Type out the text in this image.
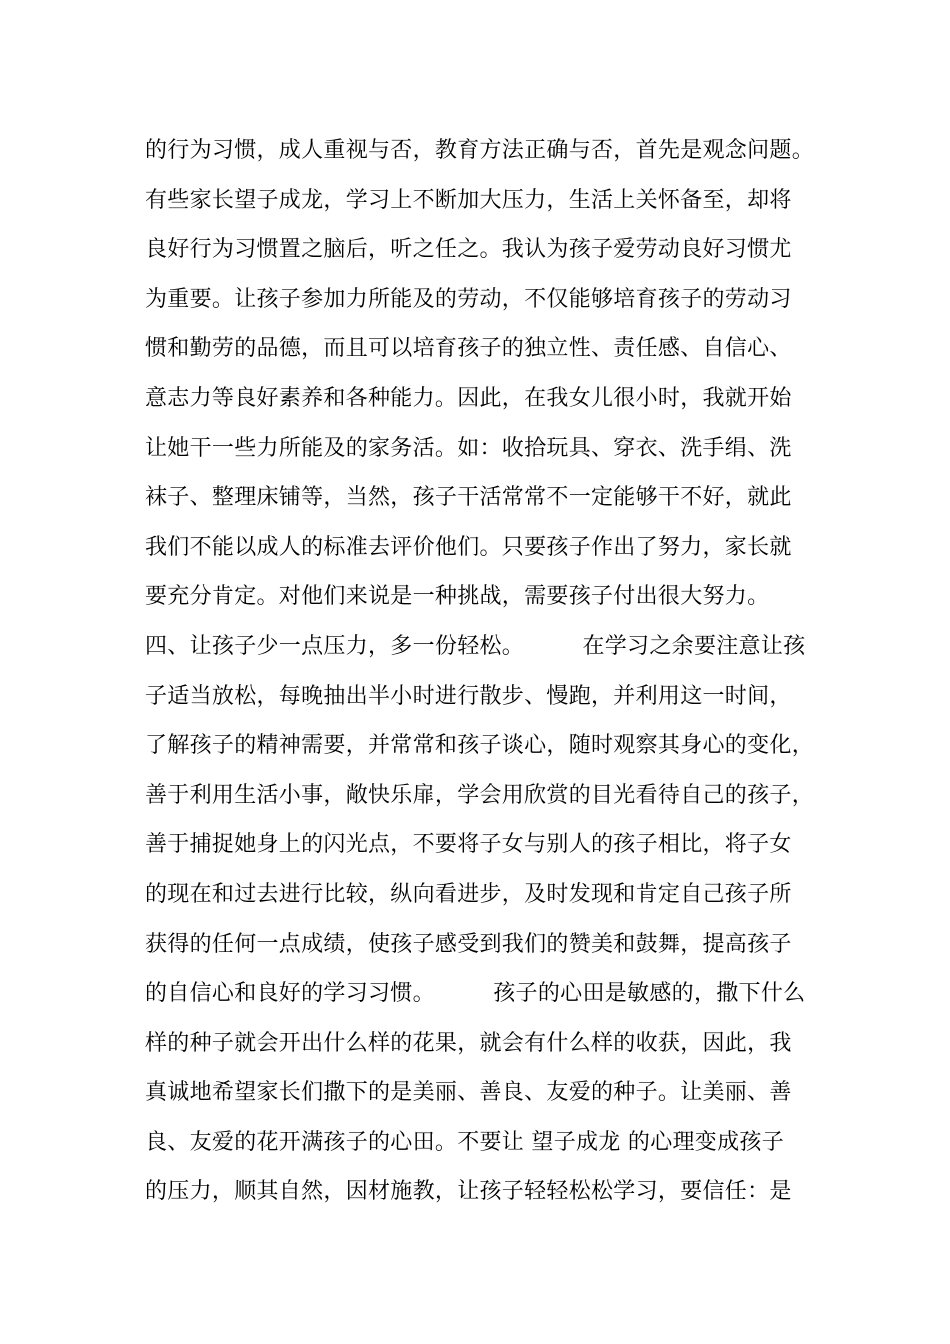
的行为习惯，成人重视与否，教育方法正确与否，首先是观念问题。
有些家长望子成龙，学习上不断加大压力，生活上关怀备至，却将
良好行为习惯置之脑后，听之任之。我认为孩子爱劳动良好习惯尤
为重要。让孩子参加力所能及的劳动，不仅能够培育孩子的劳动习
惯和勤劳的品德，而且可以培育孩子的独立性、责任感、自信心、
意志力等良好素养和各种能力。因此，在我女儿很小时，我就开始
让她干一些力所能及的家务活。如：收拾玩具、穿衣、洗手绢、洗
袜子、整理床铺等，当然，孩子干活常常不一定能够干不好，就此
我们不能以成人的标准去评价他们。只要孩子作出了努力，家长就
要充分肯定。对他们来说是一种挑战，需要孩子付出很大努力。
四、让孩子少一点压力，多一份轻松。        在学习之余要注意让孩
子适当放松，每晚抽出半小时进行散步、慢跑，并利用这一时间，
了解孩子的精神需要，并常常和孩子谈心，随时观察其身心的变化，
善于利用生活小事，敞快乐扉，学会用欣赏的目光看待自己的孩子，
善于捕捉她身上的闪光点，不要将子女与别人的孩子相比，将子女
的现在和过去进行比较，纵向看进步，及时发现和肯定自己孩子所
获得的任何一点成绩，使孩子感受到我们的赞美和鼓舞，提高孩子
的自信心和良好的学习习惯。        孩子的心田是敏感的，撒下什么
样的种子就会开出什么样的花果，就会有什么样的收获，因此，我
真诚地希望家长们撒下的是美丽、善良、友爱的种子。让美丽、善
良、友爱的花开满孩子的心田。不要让 望子成龙 的心理变成孩子
的压力，顺其自然，因材施教，让孩子轻轻松松学习，要信任：是
